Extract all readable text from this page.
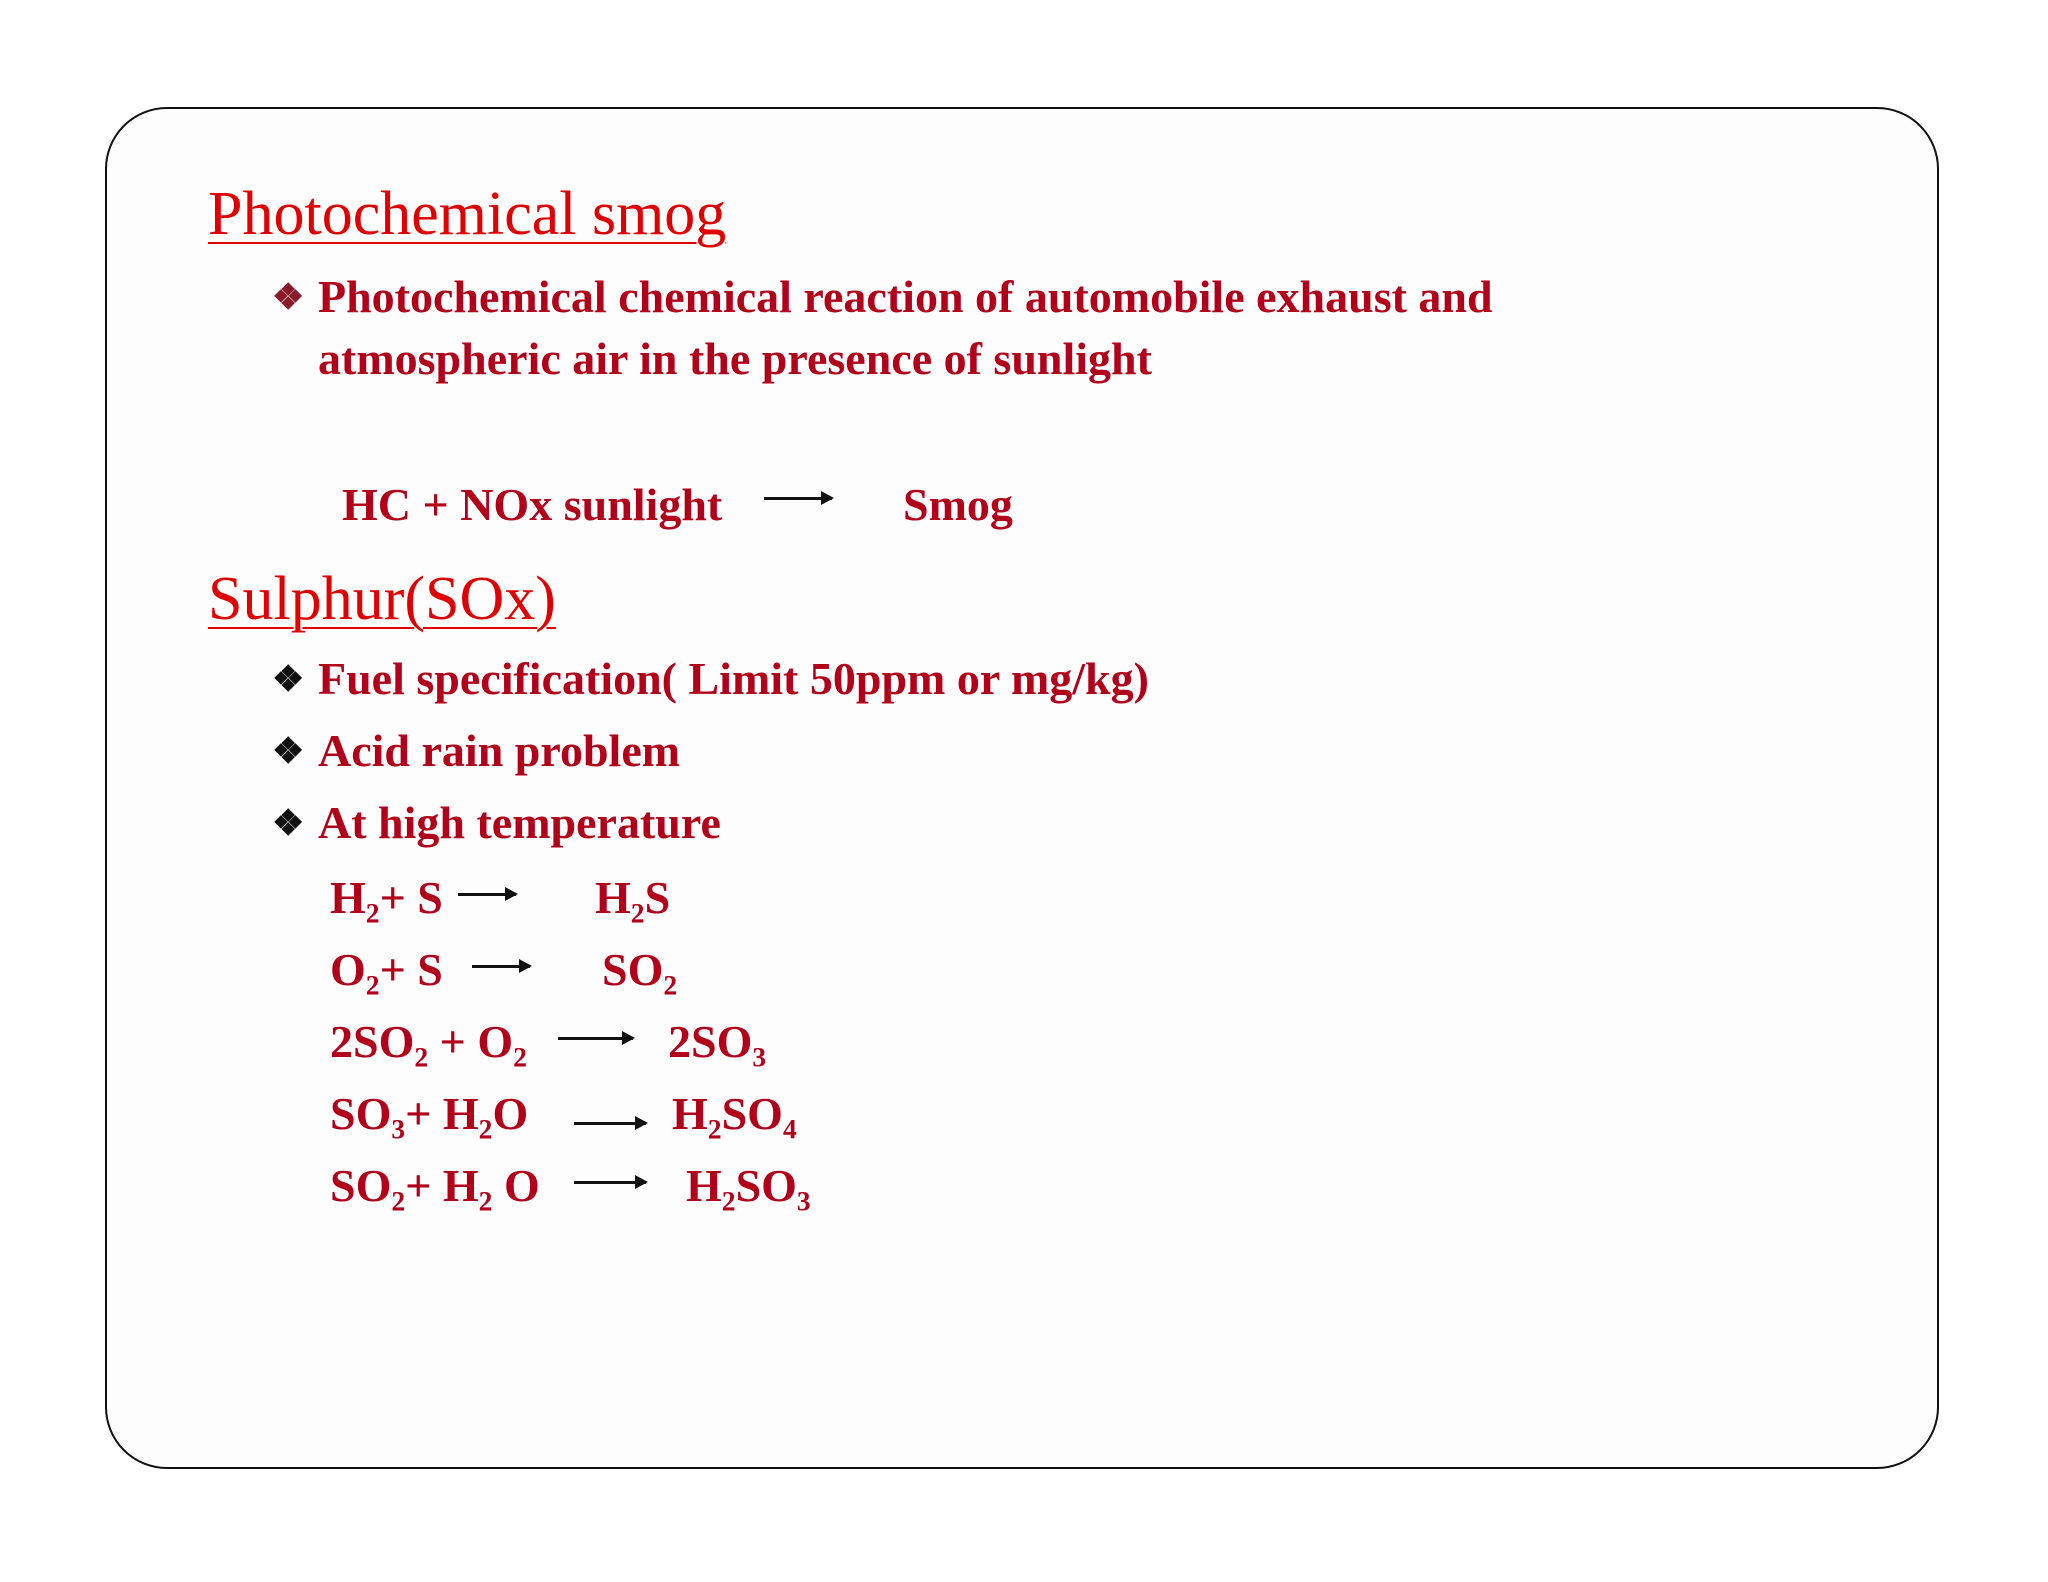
Photochemical smog
❖ Photochemical chemical reaction of automobile exhaust and
atmospheric air in the presence of sunlight
HC + NOx sunlight	Smog
Sulphur(SOx)
❖ Fuel specification( Limit 50ppm or mg/kg)
❖ Acid rain problem
❖ At high temperature
H₂+ S → H₂S
O₂+ S	SO₂
2SO₂ + O₂	2SO₃
SO₃+ H₂O	H₂SO₄
SO₂+ H₂ O	H₂SO₃
